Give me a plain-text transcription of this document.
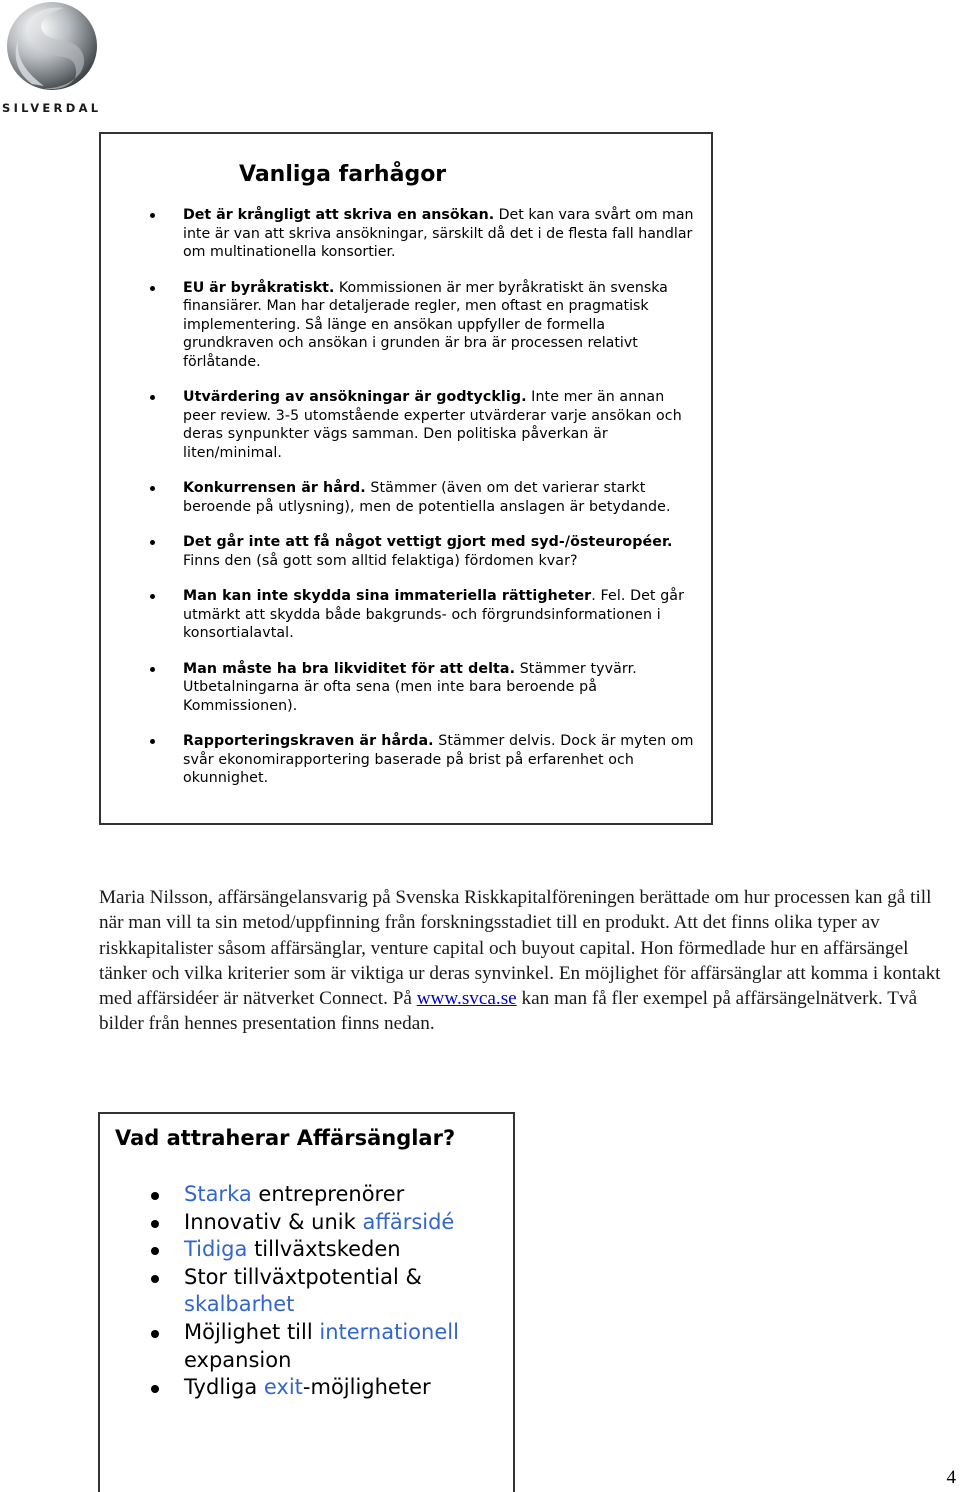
SILVERDAL
Vanliga farhågor
Det är krångligt att skriva en ansökan. Det kan vara svårt om man inte är van att skriva ansökningar, särskilt då det i de flesta fall handlar om multinationella konsortier.
EU är byråkratiskt. Kommissionen är mer byråkratiskt än svenska finansiärer. Man har detaljerade regler, men oftast en pragmatisk implementering. Så länge en ansökan uppfyller de formella grundkraven och ansökan i grunden är bra är processen relativt förlåtande.
Utvärdering av ansökningar är godtycklig. Inte mer än annan peer review. 3-5 utomstående experter utvärderar varje ansökan och deras synpunkter vägs samman. Den politiska påverkan är liten/minimal.
Konkurrensen är hård. Stämmer (även om det varierar starkt beroende på utlysning), men de potentiella anslagen är betydande.
Det går inte att få något vettigt gjort med syd-/östeuropéer. Finns den (så gott som alltid felaktiga) fördomen kvar?
Man kan inte skydda sina immateriella rättigheter. Fel. Det går utmärkt att skydda både bakgrunds- och förgrundsinformationen i konsortialavtal.
Man måste ha bra likviditet för att delta. Stämmer tyvärr. Utbetalningarna är ofta sena (men inte bara beroende på Kommissionen).
Rapporteringskraven är hårda. Stämmer delvis. Dock är myten om svår ekonomirapportering baserade på brist på erfarenhet och okunnighet.

Maria Nilsson, affärsängelansvarig på Svenska Riskkapitalföreningen berättade om hur processen kan gå till när man vill ta sin metod/uppfinning från forskningsstadiet till en produkt. Att det finns olika typer av riskkapitalister såsom affärsänglar, venture capital och buyout capital. Hon förmedlade hur en affärsängel tänker och vilka kriterier som är viktiga ur deras synvinkel. En möjlighet för affärsänglar att komma i kontakt med affärsidéer är nätverket Connect. På www.svca.se kan man få fler exempel på affärsängelnätverk. Två bilder från hennes presentation finns nedan.

Vad attraherar Affärsänglar?
Starka entreprenörer
Innovativ & unik affärsidé
Tidiga tillväxtskeden
Stor tillväxtpotential & skalbarhet
Möjlighet till internationell expansion
Tydliga exit-möjligheter
4
